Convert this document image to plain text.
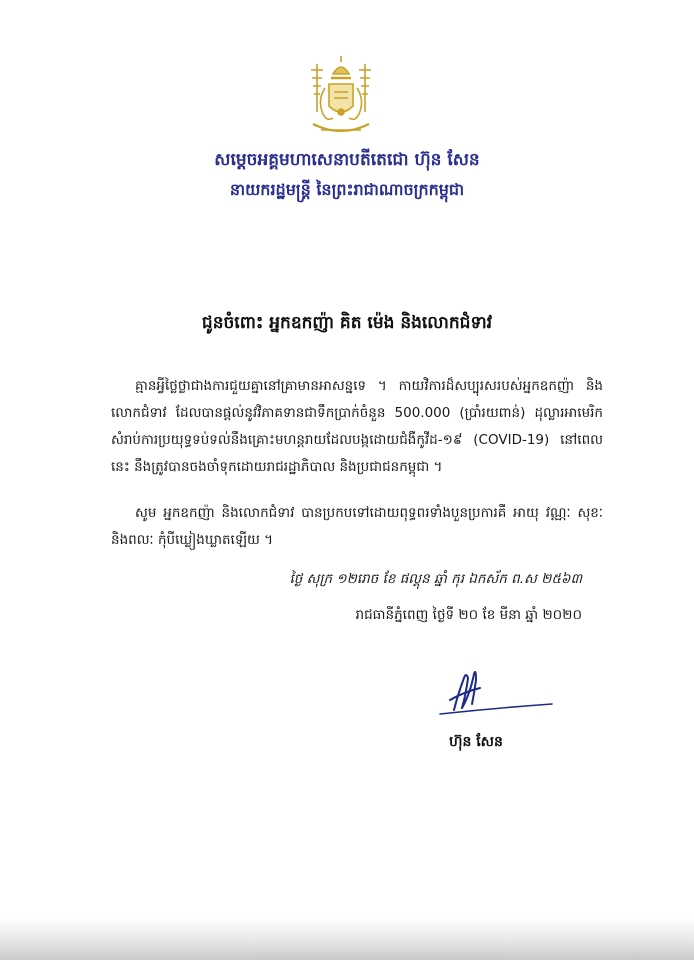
សម្តេចអគ្គមហាសេនាបតីតេជោ ហ៊ុន សែន
នាយករដ្ឋមន្ត្រី នៃព្រះរាជាណាចក្រកម្ពុជា
ជូនចំពោះ អ្នកឧកញ៉ា គិត ម៉េង និងលោកជំទាវ
គ្មានអ្វីថ្លៃថ្លាជាងការជួយគ្នានៅគ្រាមានអាសន្នទេ ។ កាយវិការដ៏សប្បុរសរបស់អ្នកឧកញ៉ា និងលោកជំទាវ ដែលបានផ្តល់នូវវិភាគទានជាទឹកប្រាក់ចំនួន 500.000 (ប្រាំរយពាន់) ដុល្លារអាមេរិក សំរាប់ការប្រយុទ្ធទប់ទល់នឹងគ្រោះមហន្តរាយដែលបង្កដោយជំងឺកូវីដ-១៩ (COVID-19) នៅពេលនេះ នឹងត្រូវបានចងចាំទុកដោយរាជរដ្ឋាភិបាល និងប្រជាជនកម្ពុជា ។
សូម អ្នកឧកញ៉ា និងលោកជំទាវ បានប្រកបទៅដោយពុទ្ធពរទាំងបួនប្រការគឺ អាយុ វណ្ណៈ សុខៈ និងពលៈ កុំបីឃ្លៀងឃ្លាតឡើយ ។
ថ្ងៃ សុក្រ ១២រោច ខែ ផល្គុន ឆ្នាំ កុរ ឯកស័ក ព.ស ២៥៦៣
រាជធានីភ្នំពេញ ថ្ងៃទី ២០ ខែ មីនា ឆ្នាំ ២០២០
ហ៊ុន សែន
